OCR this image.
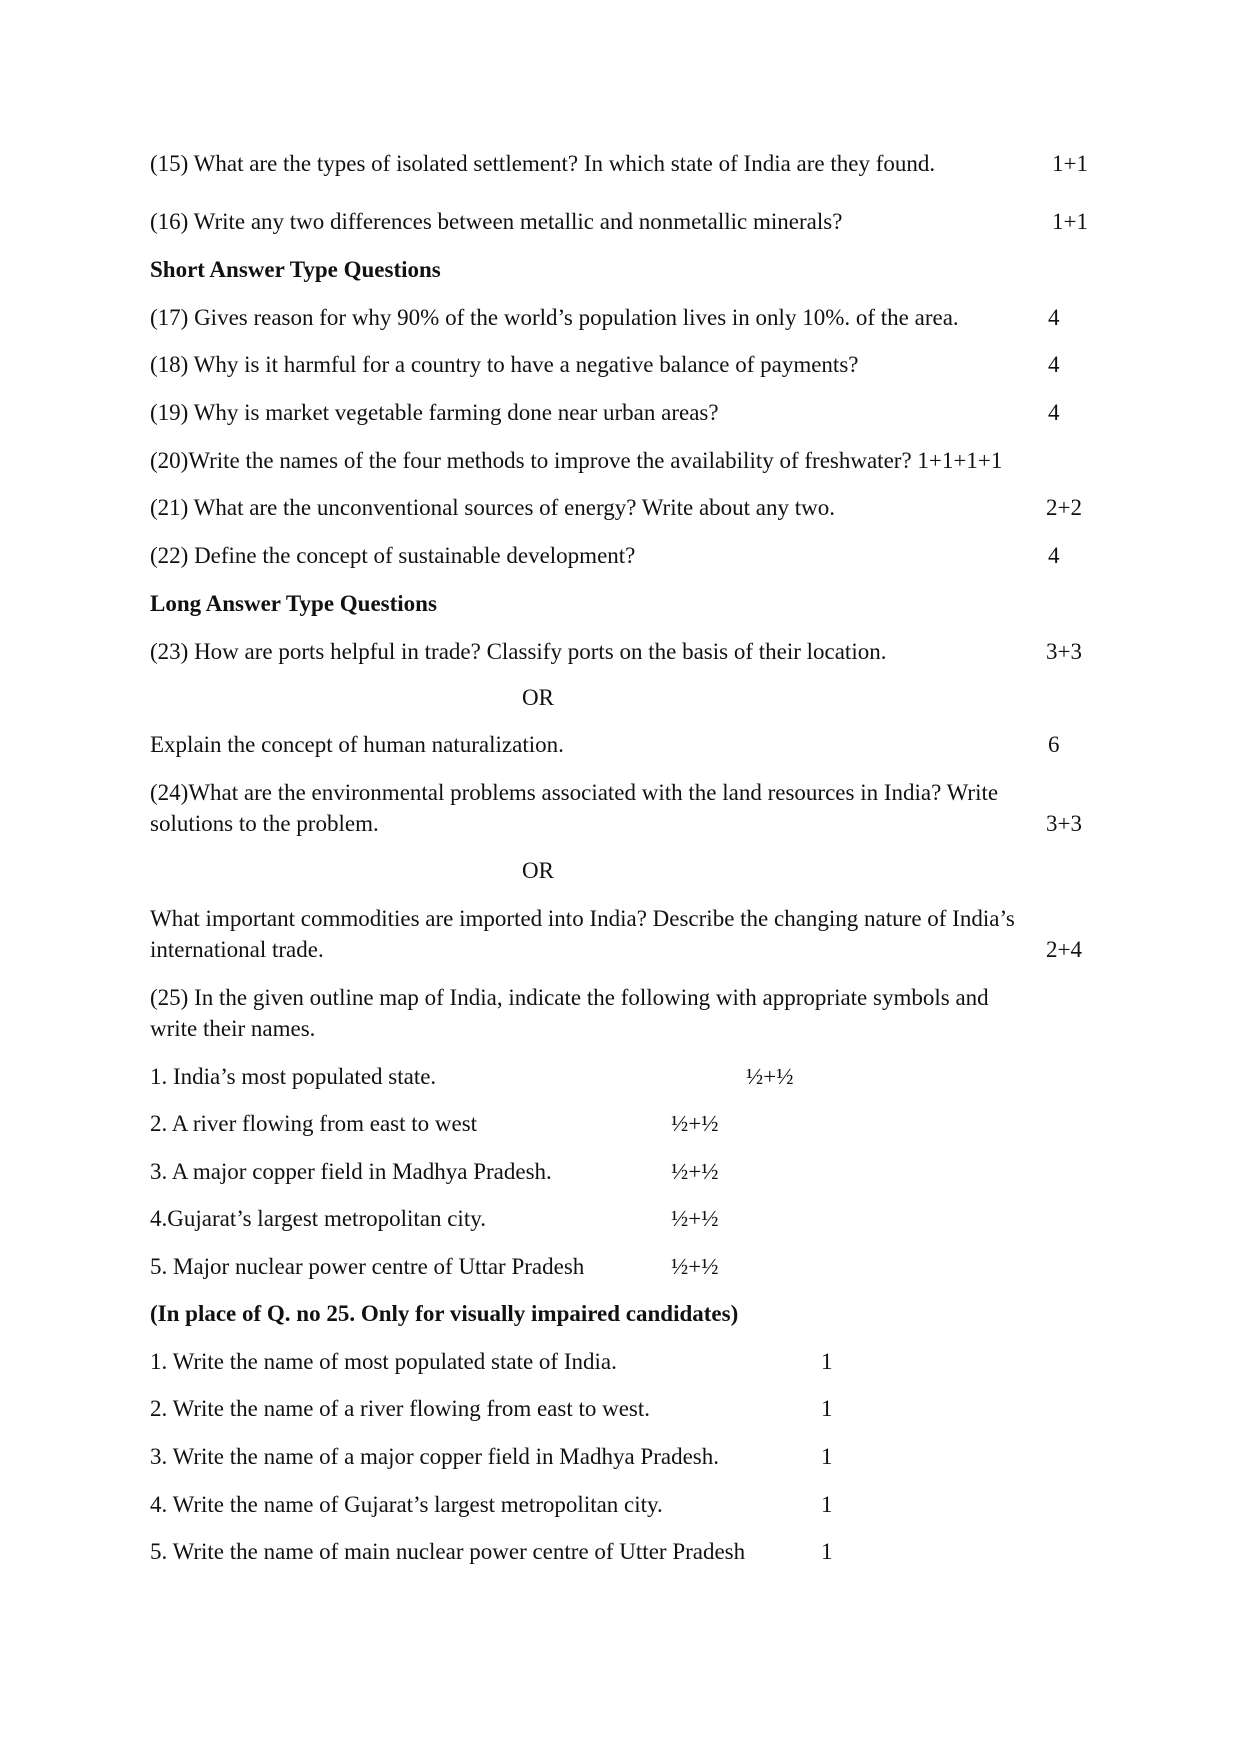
(15) What are the types of isolated settlement? In which state of India are they found.	1+1
(16) Write any two differences between metallic and nonmetallic minerals?	1+1
Short Answer Type Questions
(17) Gives reason for why 90% of the world’s population lives in only 10%. of the area.	4
(18) Why is it harmful for a country to have a negative balance of payments?	4
(19) Why is market vegetable farming done near urban areas?	4
(20)Write the names of the four methods to improve the availability of freshwater? 1+1+1+1
(21) What are the unconventional sources of energy? Write about any two.	2+2
(22) Define the concept of sustainable development?	4
Long Answer Type Questions
(23) How are ports helpful in trade? Classify ports on the basis of their location.	3+3
OR
Explain the concept of human naturalization.	6
(24)What are the environmental problems associated with the land resources in India? Write
solutions to the problem.	3+3
OR
What important commodities are imported into India? Describe the changing nature of India’s
international trade.	2+4
(25) In the given outline map of India, indicate the following with appropriate symbols and
write their names.
1. India’s most populated state.	½+½
2. A river flowing from east to west	½+½
3. A major copper field in Madhya Pradesh.	½+½
4.Gujarat’s largest metropolitan city.	½+½
5. Major nuclear power centre of Uttar Pradesh	½+½
(In place of Q. no 25. Only for visually impaired candidates)
1. Write the name of most populated state of India.	1
2. Write the name of a river flowing from east to west.	1
3. Write the name of a major copper field in Madhya Pradesh.	1
4. Write the name of Gujarat’s largest metropolitan city.	1
5. Write the name of main nuclear power centre of Utter Pradesh	1
